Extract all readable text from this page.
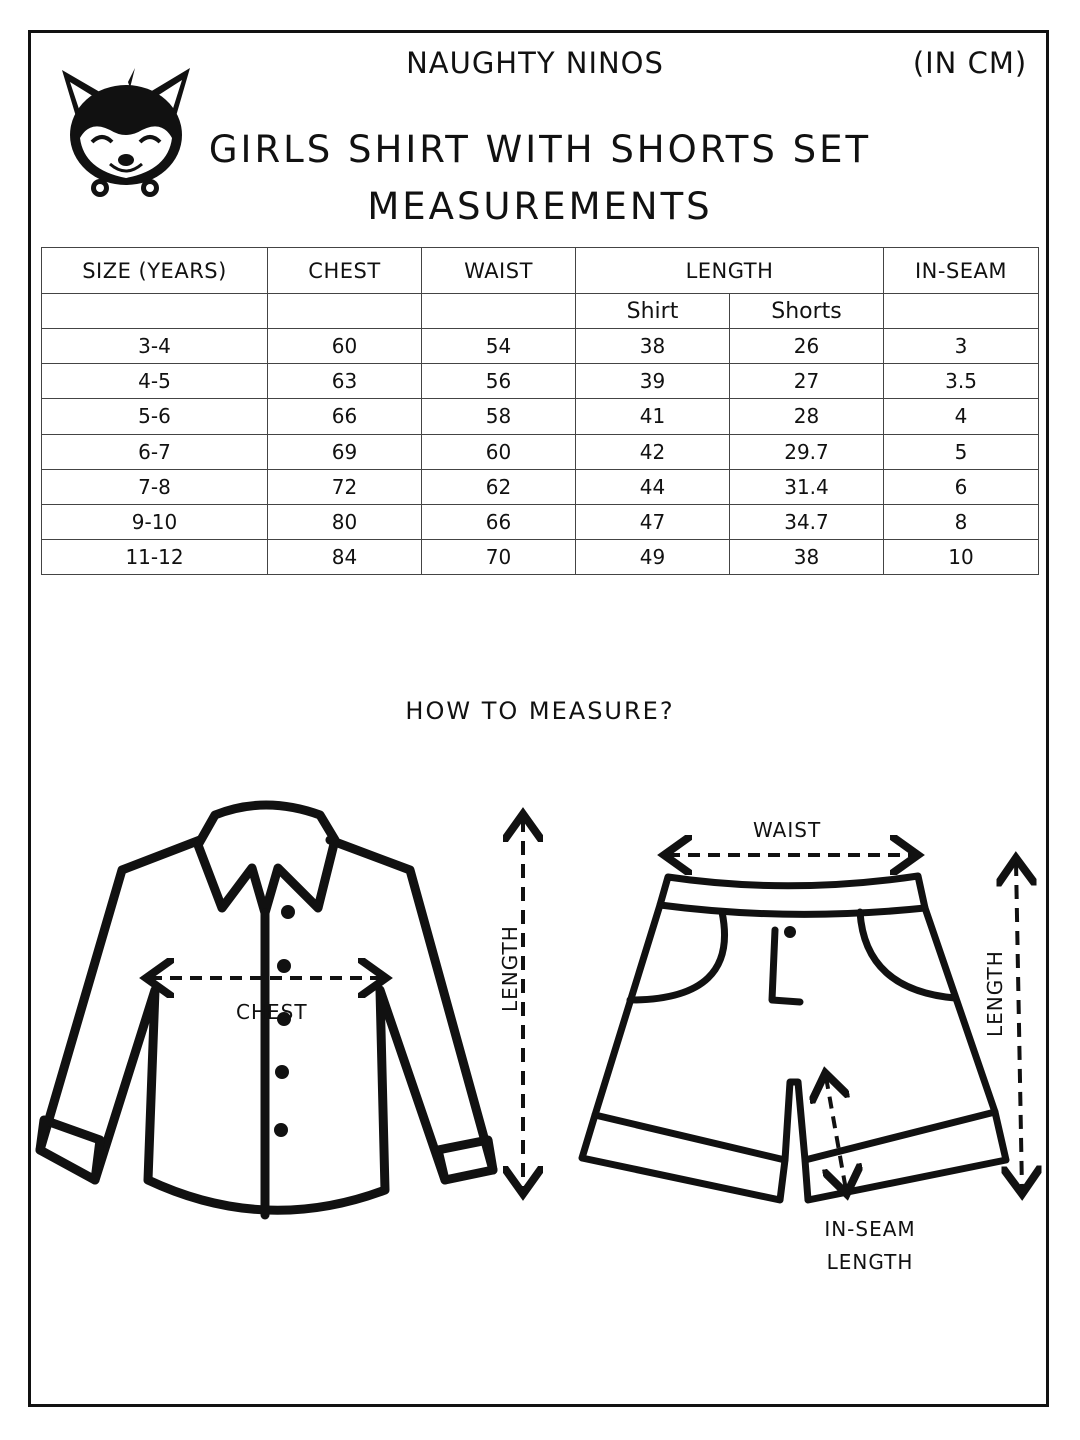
NAUGHTY NINOS	(IN CM)
GIRLS SHIRT WITH SHORTS SET
MEASUREMENTS
SIZE (YEARS)	CHEST	WAIST	LENGTH		IN-SEAM
			Shirt	Shorts	
3-4	60	54	38	26	3
4-5	63	56	39	27	3.5
5-6	66	58	41	28	4
6-7	69	60	42	29.7	5
7-8	72	62	44	31.4	6
9-10	80	66	47	34.7	8
11-12	84	70	49	38	10
HOW TO MEASURE?
CHEST	LENGTH
WAIST
LENGTH
IN-SEAM
LENGTH
